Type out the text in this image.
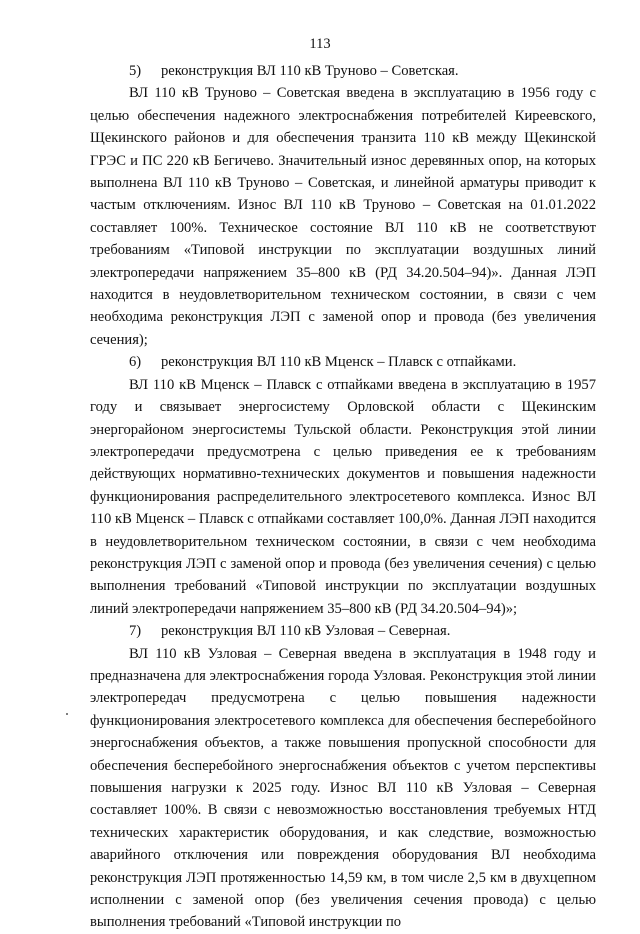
113

5)	реконструкция ВЛ 110 кВ Труново – Советская.

ВЛ 110 кВ Труново – Советская введена в эксплуатацию в 1956 году с целью обеспечения надежного электроснабжения потребителей Киреевского, Щекинского районов и для обеспечения транзита 110 кВ между Щекинской ГРЭС и ПС 220 кВ Бегичево. Значительный износ деревянных опор, на которых выполнена ВЛ 110 кВ Труново – Советская, и линейной арматуры приводит к частым отключениям. Износ ВЛ 110 кВ Труново – Советская на 01.01.2022 составляет 100%. Техническое состояние ВЛ 110 кВ не соответствуют требованиям «Типовой инструкции по эксплуатации воздушных линий электропередачи напряжением 35–800 кВ (РД 34.20.504–94)». Данная ЛЭП находится в неудовлетворительном техническом состоянии, в связи с чем необходима реконструкция ЛЭП с заменой опор и провода (без увеличения сечения);

6)	реконструкция ВЛ 110 кВ Мценск – Плавск с отпайками.

ВЛ 110 кВ Мценск – Плавск с отпайками введена в эксплуатацию в 1957 году и связывает энергосистему Орловской области с Щекинским энергорайоном энергосистемы Тульской области. Реконструкция этой линии электропередачи предусмотрена с целью приведения ее к требованиям действующих нормативно-технических документов и повышения надежности функционирования распределительного электросетевого комплекса. Износ ВЛ 110 кВ Мценск – Плавск с отпайками составляет 100,0%. Данная ЛЭП находится в неудовлетворительном техническом состоянии, в связи с чем необходима реконструкция ЛЭП с заменой опор и провода (без увеличения сечения) с целью выполнения требований «Типовой инструкции по эксплуатации воздушных линий электропередачи напряжением 35–800 кВ (РД 34.20.504–94)»;

7)	реконструкция ВЛ 110 кВ Узловая – Северная.

ВЛ 110 кВ Узловая – Северная введена в эксплуатация в 1948 году и предназначена для электроснабжения города Узловая. Реконструкция этой линии электропередач предусмотрена с целью повышения надежности функционирования электросетевого комплекса для обеспечения бесперебойного энергоснабжения объектов, а также повышения пропускной способности для обеспечения бесперебойного энергоснабжения объектов с учетом перспективы повышения нагрузки к 2025 году. Износ ВЛ 110 кВ Узловая – Северная составляет 100%. В связи с невозможностью восстановления требуемых НТД технических характеристик оборудования, и как следствие, возможностью аварийного отключения или повреждения оборудования ВЛ необходима реконструкция ЛЭП протяженностью 14,59 км, в том числе 2,5 км в двухцепном исполнении с заменой опор (без увеличения сечения провода) с целью выполнения требований «Типовой инструкции по
